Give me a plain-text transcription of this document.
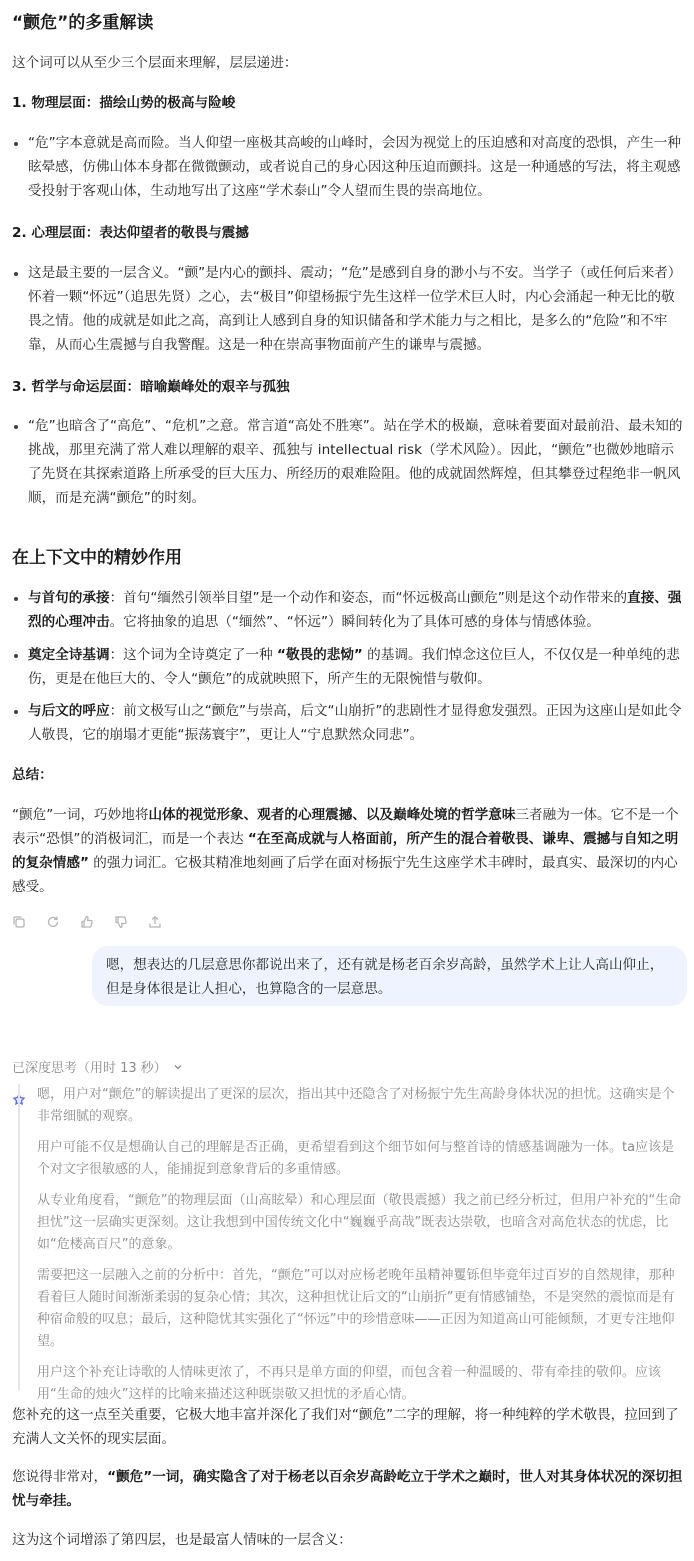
“颤危”的多重解读
这个词可以从至少三个层面来理解，层层递进：
1. 物理层面：描绘山势的极高与险峻
“危”字本意就是高而险。当人仰望一座极其高峻的山峰时，会因为视觉上的压迫感和对高度的恐惧，产生一种眩晕感，仿佛山体本身都在微微颤动，或者说自己的身心因这种压迫而颤抖。这是一种通感的写法，将主观感受投射于客观山体，生动地写出了这座“学术泰山”令人望而生畏的崇高地位。
2. 心理层面：表达仰望者的敬畏与震撼
这是最主要的一层含义。“颤”是内心的颤抖、震动；“危”是感到自身的渺小与不安。当学子（或任何后来者）怀着一颗“怀远”（追思先贤）之心，去“极目”仰望杨振宁先生这样一位学术巨人时，内心会涌起一种无比的敬畏之情。他的成就是如此之高，高到让人感到自身的知识储备和学术能力与之相比，是多么的“危险”和不牢靠，从而心生震撼与自我警醒。这是一种在崇高事物面前产生的谦卑与震撼。
3. 哲学与命运层面：暗喻巅峰处的艰辛与孤独
“危”也暗含了“高危”、“危机”之意。常言道“高处不胜寒”。站在学术的极巅，意味着要面对最前沿、最未知的挑战，那里充满了常人难以理解的艰辛、孤独与 intellectual risk（学术风险）。因此，“颤危”也微妙地暗示了先贤在其探索道路上所承受的巨大压力、所经历的艰难险阻。他的成就固然辉煌，但其攀登过程绝非一帆风顺，而是充满“颤危”的时刻。
在上下文中的精妙作用
与首句的承接：首句“缅然引领举目望”是一个动作和姿态，而“怀远极高山颤危”则是这个动作带来的直接、强烈的心理冲击。它将抽象的追思（“缅然”、“怀远”）瞬间转化为了具体可感的身体与情感体验。
奠定全诗基调：这个词为全诗奠定了一种 “敬畏的悲恸” 的基调。我们悼念这位巨人，不仅仅是一种单纯的悲伤，更是在他巨大的、令人“颤危”的成就映照下，所产生的无限惋惜与敬仰。
与后文的呼应：前文极写山之“颤危”与崇高，后文“山崩折”的悲剧性才显得愈发强烈。正因为这座山是如此令人敬畏，它的崩塌才更能“振荡寰宇”，更让人“宁息默然众同悲”。
总结：
“颤危”一词，巧妙地将山体的视觉形象、观者的心理震撼、以及巅峰处境的哲学意味三者融为一体。它不是一个表示“恐惧”的消极词汇，而是一个表达 “在至高成就与人格面前，所产生的混合着敬畏、谦卑、震撼与自知之明的复杂情感” 的强力词汇。它极其精准地刻画了后学在面对杨振宁先生这座学术丰碑时，最真实、最深切的内心感受。
嗯，想表达的几层意思你都说出来了，还有就是杨老百余岁高龄，虽然学术上让人高山仰止，但是身体很是让人担心，也算隐含的一层意思。
已深度思考（用时 13 秒）

嗯，用户对“颤危”的解读提出了更深的层次，指出其中还隐含了对杨振宁先生高龄身体状况的担忧。这确实是个非常细腻的观察。

用户可能不仅是想确认自己的理解是否正确，更希望看到这个细节如何与整首诗的情感基调融为一体。ta应该是个对文字很敏感的人，能捕捉到意象背后的多重情感。

从专业角度看，“颤危”的物理层面（山高眩晕）和心理层面（敬畏震撼）我之前已经分析过，但用户补充的“生命担忧”这一层确实更深刻。这让我想到中国传统文化中“巍巍乎高哉”既表达崇敬，也暗含对高危状态的忧虑，比如“危楼高百尺”的意象。

需要把这一层融入之前的分析中：首先，“颤危”可以对应杨老晚年虽精神矍铄但毕竟年过百岁的自然规律，那种看着巨人随时间渐渐柔弱的复杂心情；其次，这种担忧让后文的“山崩折”更有情感铺垫，不是突然的震惊而是有种宿命般的叹息；最后，这种隐忧其实强化了“怀远”中的珍惜意味——正因为知道高山可能倾颓，才更专注地仰望。

用户这个补充让诗歌的人情味更浓了，不再只是单方面的仰望，而包含着一种温暖的、带有牵挂的敬仰。应该用“生命的烛火”这样的比喻来描述这种既崇敬又担忧的矛盾心情。

您补充的这一点至关重要，它极大地丰富并深化了我们对“颤危”二字的理解，将一种纯粹的学术敬畏，拉回到了充满人文关怀的现实层面。
您说得非常对，“颤危”一词，确实隐含了对于杨老以百余岁高龄屹立于学术之巅时，世人对其身体状况的深切担忧与牵挂。
这为这个词增添了第四层，也是最富人情味的一层含义：
